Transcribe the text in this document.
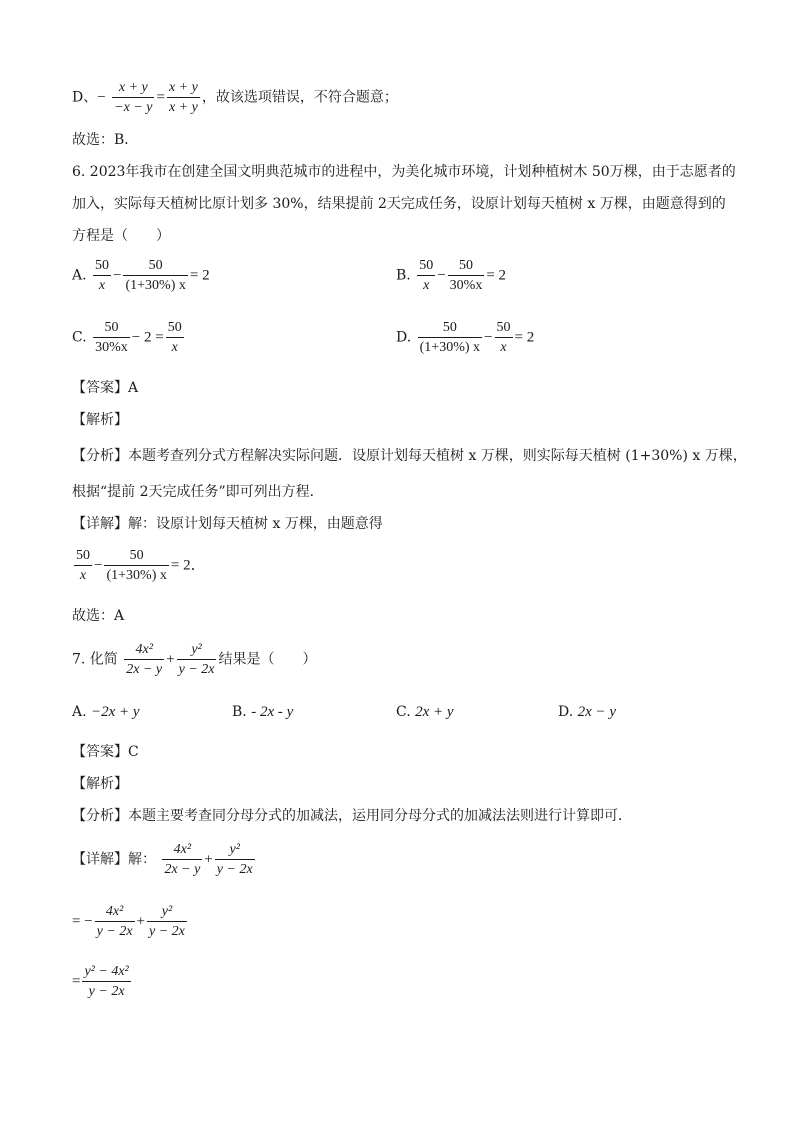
D、− $\frac{x + y}{-x - y} = \frac{x + y}{x + y}$ ，故该选项错误，不符合题意；
故选：B．
6. 2023年我市在创建全国文明典范城市的进程中，为美化城市环境，计划种植树木 50万棵，由于志愿者的
加入，实际每天植树比原计划多 30%，结果提前 2天完成任务，设原计划每天植树 x 万棵，由题意得到的
方程是（　　）
A. $\frac{50}{x} - \frac{50}{(1+30\%) x} = 2$	B. $\frac{50}{x} - \frac{50}{30\%x} = 2$
C. $\frac{50}{30\%x} - 2 = \frac{50}{x}$	D. $\frac{50}{(1+30\%) x} - \frac{50}{x} = 2$
【答案】A
【解析】
【分析】本题考查列分式方程解决实际问题．设原计划每天植树 x 万棵，则实际每天植树 (1+30%) x 万棵，
根据“提前 2天完成任务”即可列出方程．
【详解】解：设原计划每天植树 x 万棵，由题意得
$\frac{50}{x} - \frac{50}{(1+30\%) x} = 2$．
故选：A
7. 化简 $\frac{\text{4x²}}{2x - y} + \frac{\text{y²}}{y - 2x}$ 结果是（　　）
A. −2x + y	B. - 2x - y	C. 2x + y	D. 2x − y
【答案】C
【解析】
【分析】本题主要考查同分母分式的加减法，运用同分母分式的加减法法则进行计算即可．
【详解】解： $\frac{\text{4x²}}{2x - y} + \frac{\text{y²}}{y - 2x}$
= − $\frac{\text{4x²}}{y - 2x} + \frac{\text{y²}}{y - 2x}$
= $\frac{\text{y² − 4x²}}{y - 2x}$
